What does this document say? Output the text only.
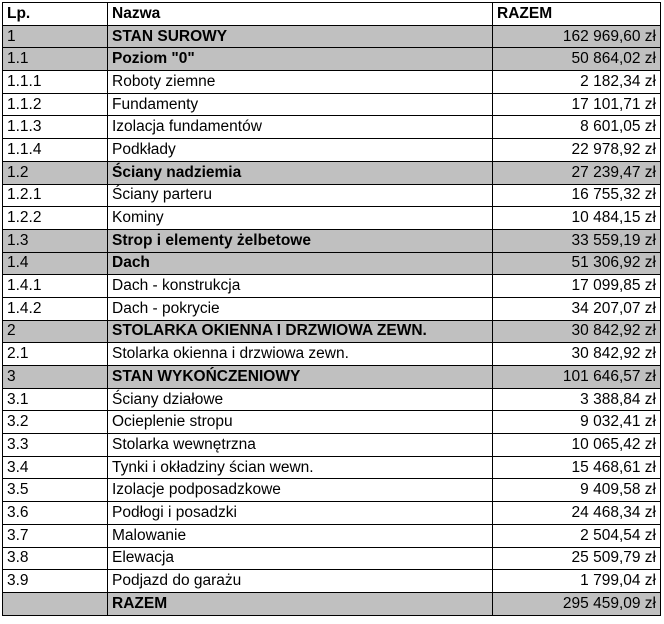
Lp.	Nazwa	RAZEM
1	STAN SUROWY	162 969,60 zł
1.1	Poziom "0"	50 864,02 zł
1.1.1	Roboty ziemne	2 182,34 zł
1.1.2	Fundamenty	17 101,71 zł
1.1.3	Izolacja fundamentów	8 601,05 zł
1.1.4	Podkłady	22 978,92 zł
1.2	Ściany nadziemia	27 239,47 zł
1.2.1	Ściany parteru	16 755,32 zł
1.2.2	Kominy	10 484,15 zł
1.3	Strop i elementy żelbetowe	33 559,19 zł
1.4	Dach	51 306,92 zł
1.4.1	Dach - konstrukcja	17 099,85 zł
1.4.2	Dach - pokrycie	34 207,07 zł
2	STOLARKA OKIENNA I DRZWIOWA ZEWN.	30 842,92 zł
2.1	Stolarka okienna i drzwiowa zewn.	30 842,92 zł
3	STAN WYKOŃCZENIOWY	101 646,57 zł
3.1	Ściany działowe	3 388,84 zł
3.2	Ocieplenie stropu	9 032,41 zł
3.3	Stolarka wewnętrzna	10 065,42 zł
3.4	Tynki i okładziny ścian wewn.	15 468,61 zł
3.5	Izolacje podposadzkowe	9 409,58 zł
3.6	Podłogi i posadzki	24 468,34 zł
3.7	Malowanie	2 504,54 zł
3.8	Elewacja	25 509,79 zł
3.9	Podjazd do garażu	1 799,04 zł
	RAZEM	295 459,09 zł
